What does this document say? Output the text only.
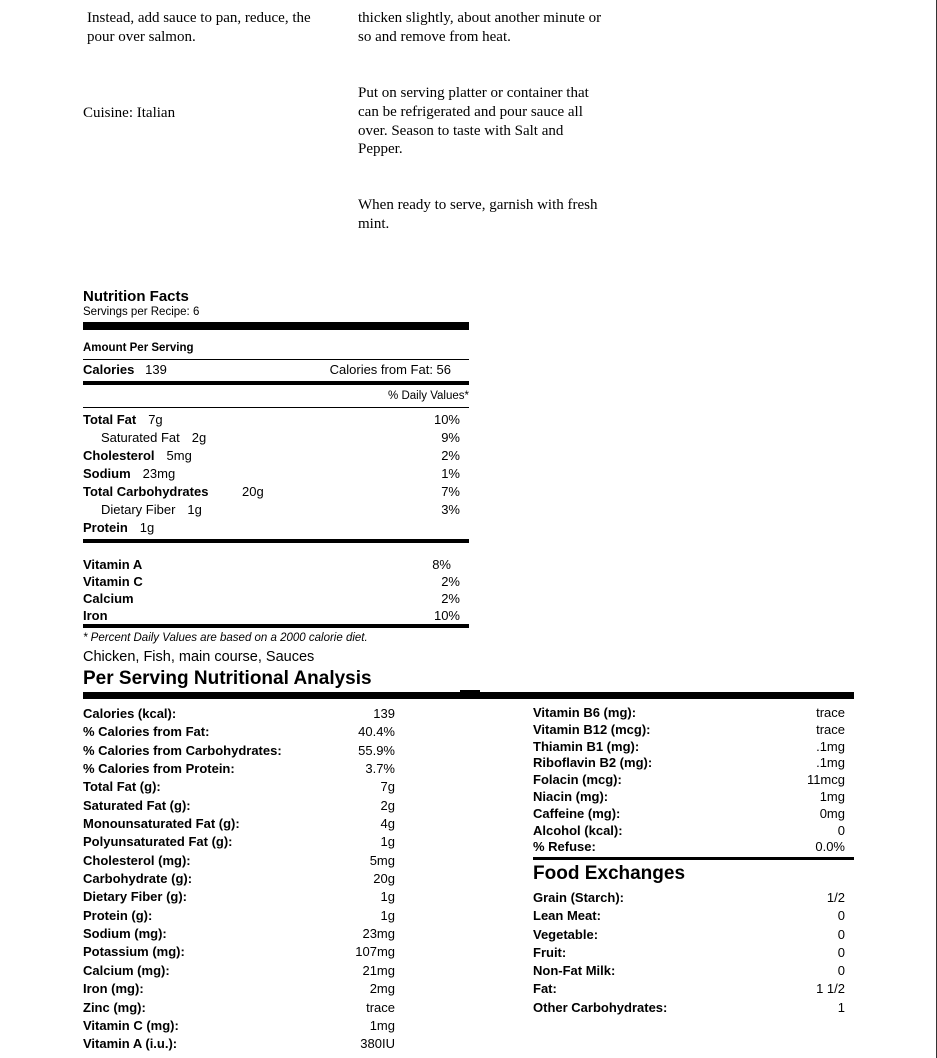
Instead, add sauce to pan, reduce, the pour over salmon.
Cuisine: Italian
thicken slightly, about another minute or so and remove from heat.
Put on serving platter or container that can be refrigerated and pour sauce all over. Season to taste with Salt and Pepper.
When ready to serve, garnish with fresh mint.
Nutrition Facts
Servings per Recipe: 6
Amount Per Serving
Calories 139	Calories from Fat: 56
% Daily Values*
Total Fat 7g	10%
Saturated Fat 2g	9%
Cholesterol 5mg	2%
Sodium 23mg	1%
Total Carbohydrates	20g	7%
Dietary Fiber 1g	3%
Protein 1g
Vitamin A	8%
Vitamin C	2%
Calcium	2%
Iron	10%
* Percent Daily Values are based on a 2000 calorie diet.
Chicken, Fish, main course, Sauces
Per Serving Nutritional Analysis
Calories (kcal):	139
% Calories from Fat:	40.4%
% Calories from Carbohydrates:	55.9%
% Calories from Protein:	3.7%
Total Fat (g):	7g
Saturated Fat (g):	2g
Monounsaturated Fat (g):	4g
Polyunsaturated Fat (g):	1g
Cholesterol (mg):	5mg
Carbohydrate (g):	20g
Dietary Fiber (g):	1g
Protein (g):	1g
Sodium (mg):	23mg
Potassium (mg):	107mg
Calcium (mg):	21mg
Iron (mg):	2mg
Zinc (mg):	trace
Vitamin C (mg):	1mg
Vitamin A (i.u.):	380IU
Vitamin B6 (mg):	trace
Vitamin B12 (mcg):	trace
Thiamin B1 (mg):	.1mg
Riboflavin B2 (mg):	.1mg
Folacin (mcg):	11mcg
Niacin (mg):	1mg
Caffeine (mg):	0mg
Alcohol (kcal):	0
% Refuse:	0.0%
Food Exchanges
Grain (Starch):	1/2
Lean Meat:	0
Vegetable:	0
Fruit:	0
Non-Fat Milk:	0
Fat:	1 1/2
Other Carbohydrates:	1
